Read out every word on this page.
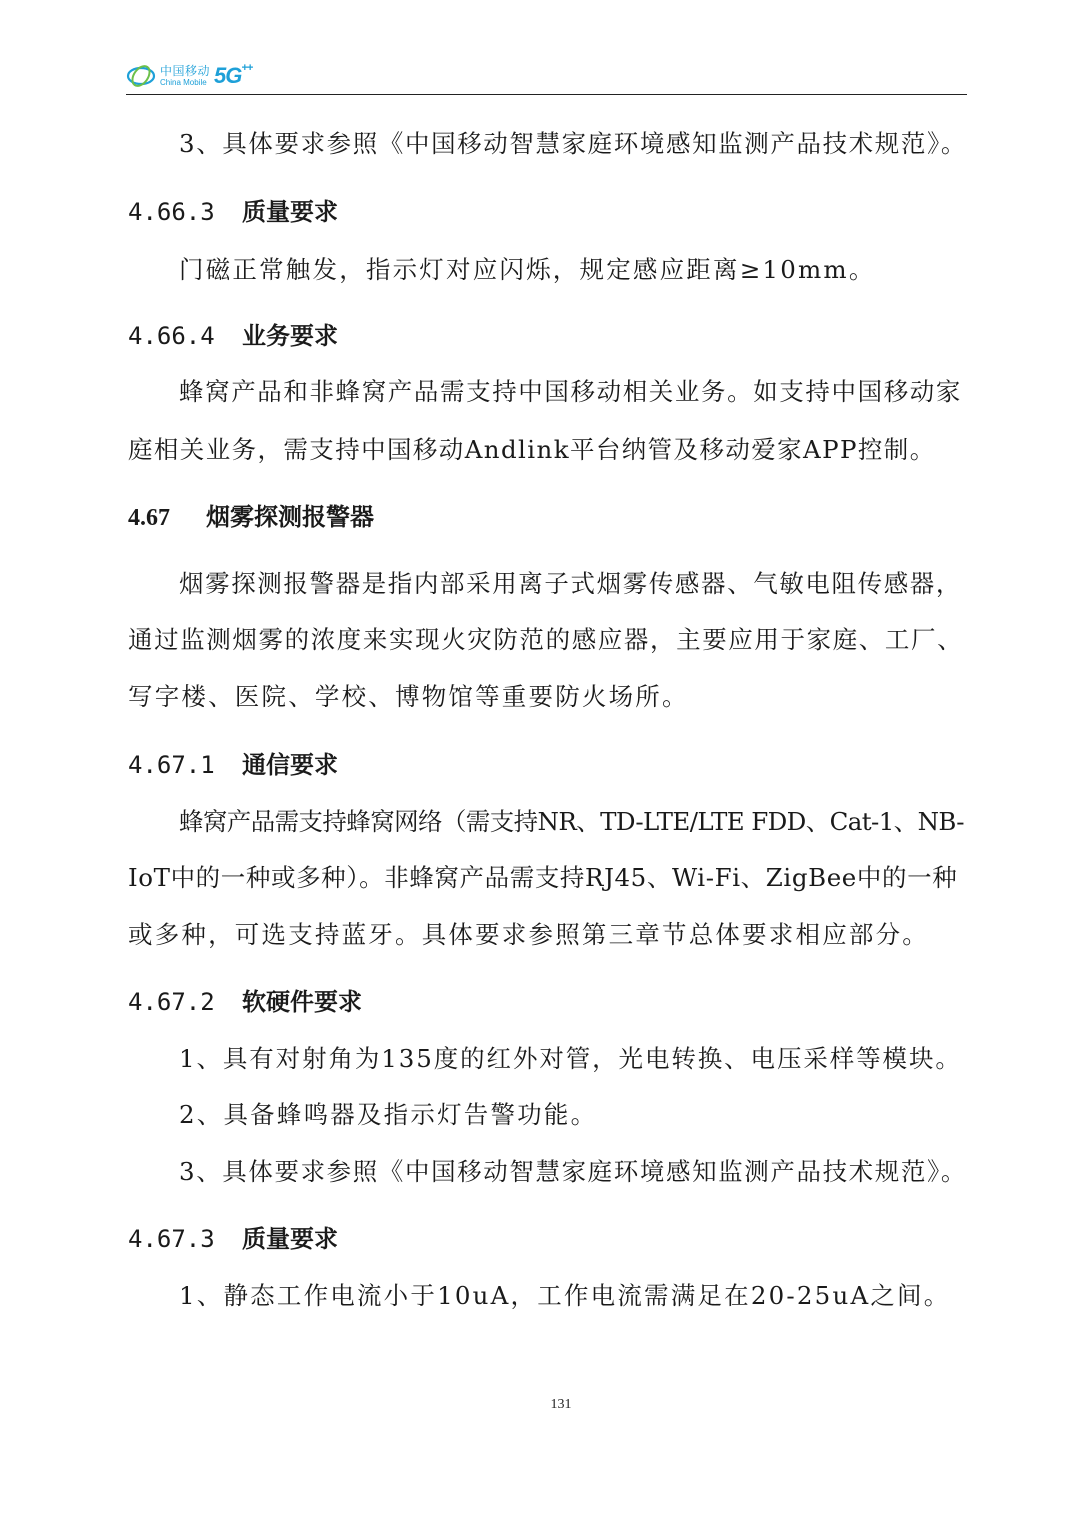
中国移动
China Mobile 5G++
3、具体要求参照《中国移动智慧家庭环境感知监测产品技术规范》。
4.66.3 质量要求
门磁正常触发，指示灯对应闪烁，规定感应距离≥10mm。
4.66.4 业务要求
蜂窝产品和非蜂窝产品需支持中国移动相关业务。如支持中国移动家
庭相关业务，需支持中国移动Andlink平台纳管及移动爱家APP控制。
4.67 烟雾探测报警器
烟雾探测报警器是指内部采用离子式烟雾传感器、气敏电阻传感器，
通过监测烟雾的浓度来实现火灾防范的感应器，主要应用于家庭、工厂、
写字楼、医院、学校、博物馆等重要防火场所。
4.67.1 通信要求
蜂窝产品需支持蜂窝网络（需支持NR、TD-LTE/LTE FDD、Cat-1、NB-
IoT中的一种或多种）。非蜂窝产品需支持RJ45、Wi-Fi、ZigBee中的一种
或多种，可选支持蓝牙。具体要求参照第三章节总体要求相应部分。
4.67.2 软硬件要求
1、具有对射角为135度的红外对管，光电转换、电压采样等模块。
2、具备蜂鸣器及指示灯告警功能。
3、具体要求参照《中国移动智慧家庭环境感知监测产品技术规范》。
4.67.3 质量要求
1、静态工作电流小于10uA，工作电流需满足在20-25uA之间。
131
